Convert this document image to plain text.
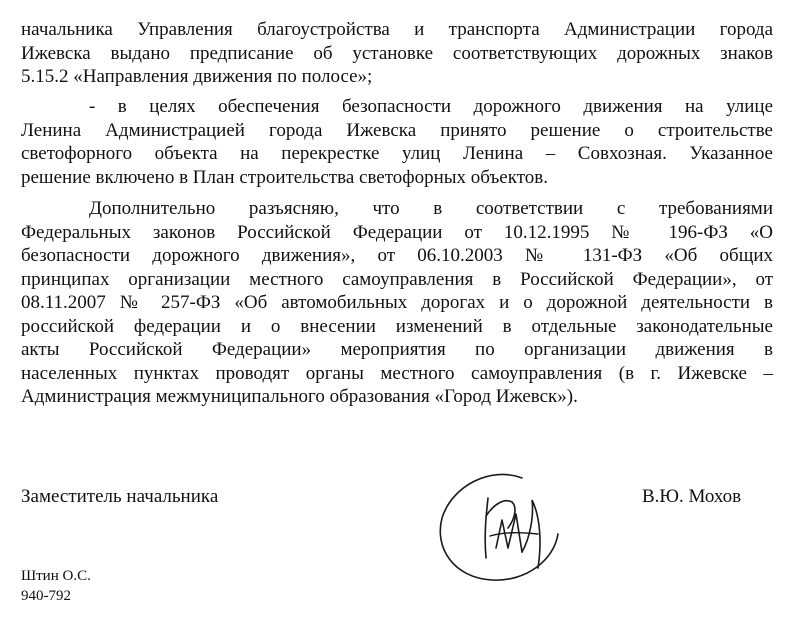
начальника Управления благоустройства и транспорта Администрации города
Ижевска выдано предписание об установке соответствующих дорожных знаков
5.15.2 «Направления движения по полосе»;
- в целях обеспечения безопасности дорожного движения на улице
Ленина Администрацией города Ижевска принято решение о строительстве
светофорного объекта на перекрестке улиц Ленина – Совхозная. Указанное
решение включено в План строительства светофорных объектов.
Дополнительно разъясняю, что в соответствии с требованиями
Федеральных законов Российской Федерации от 10.12.1995 № 196-ФЗ «О
безопасности дорожного движения», от 06.10.2003 № 131-ФЗ «Об общих
принципах организации местного самоуправления в Российской Федерации», от
08.11.2007 № 257-ФЗ «Об автомобильных дорогах и о дорожной деятельности в
российской федерации и о внесении изменений в отдельные законодательные
акты Российской Федерации» мероприятия по организации движения в
населенных пунктах проводят органы местного самоуправления (в г. Ижевске –
Администрация межмуниципального образования «Город Ижевск»).
Заместитель начальника	В.Ю. Мохов
Штин О.С.
940-792
